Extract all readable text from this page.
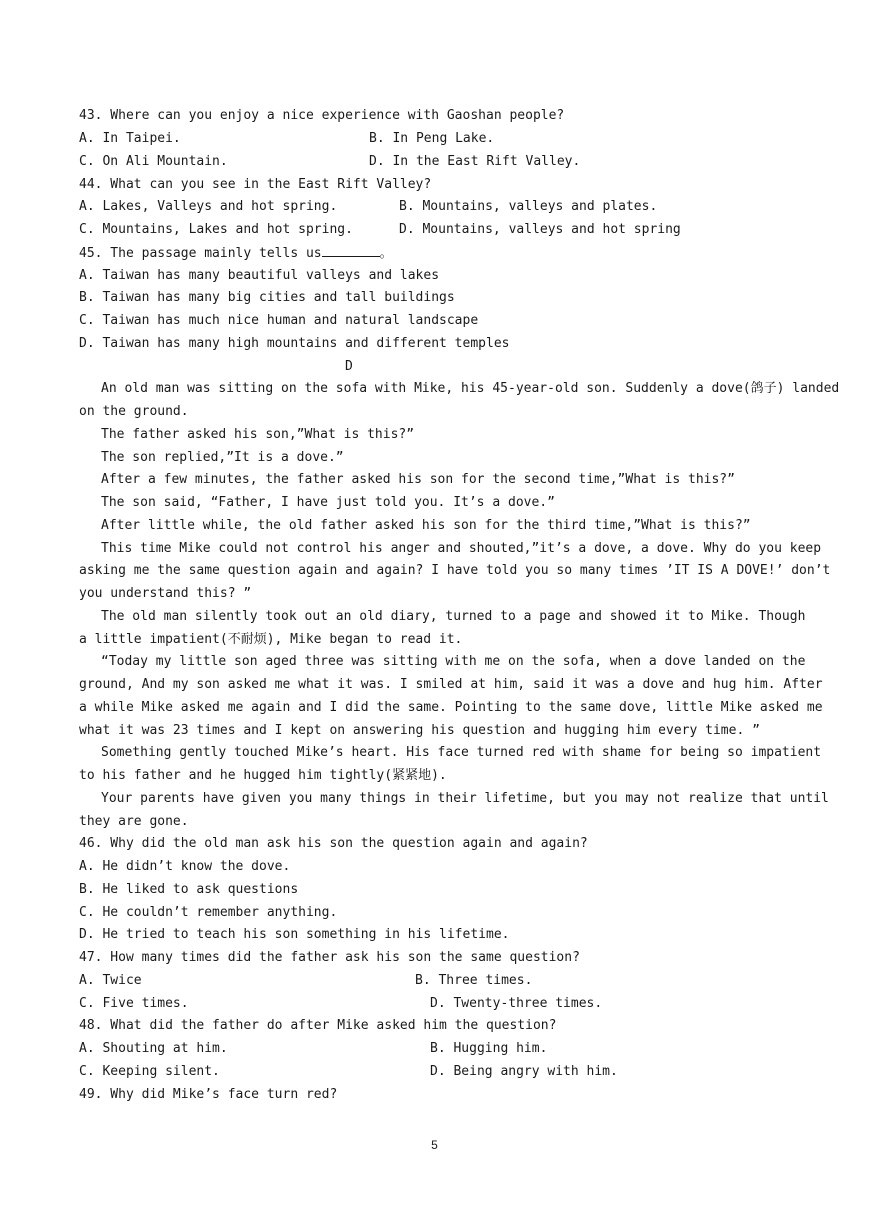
43. Where can you enjoy a nice experience with Gaoshan people?
A. In Taipei.	B. In Peng Lake.
C. On Ali Mountain.	D. In the East Rift Valley.
44. What can you see in the East Rift Valley?
A. Lakes, Valleys and hot spring.	B. Mountains, valleys and plates.
C. Mountains, Lakes and hot spring.	D. Mountains, valleys and hot spring
45. The passage mainly tells us	。
A. Taiwan has many beautiful valleys and lakes
B. Taiwan has many big cities and tall buildings
C. Taiwan has much nice human and natural landscape
D. Taiwan has many high mountains and different temples
D
An old man was sitting on the sofa with Mike, his 45-year-old son. Suddenly a dove(鸽子) landed
on the ground.
The father asked his son,”What is this?”
The son replied,”It is a dove.”
After a few minutes, the father asked his son for the second time,”What is this?”
The son said, “Father, I have just told you. It’s a dove.”
After little while, the old father asked his son for the third time,”What is this?”
This time Mike could not control his anger and shouted,”it’s a dove, a dove. Why do you keep
asking me the same question again and again? I have told you so many times ’IT IS A DOVE!’ don’t
you understand this? ”
The old man silently took out an old diary, turned to a page and showed it to Mike. Though
a little impatient(不耐烦), Mike began to read it.
“Today my little son aged three was sitting with me on the sofa, when a dove landed on the
ground, And my son asked me what it was. I smiled at him, said it was a dove and hug him. After
a while Mike asked me again and I did the same. Pointing to the same dove, little Mike asked me
what it was 23 times and I kept on answering his question and hugging him every time. ”
Something gently touched Mike’s heart. His face turned red with shame for being so impatient
to his father and he hugged him tightly(紧紧地).
Your parents have given you many things in their lifetime, but you may not realize that until
they are gone.
46. Why did the old man ask his son the question again and again?
A. He didn’t know the dove.
B. He liked to ask questions
C. He couldn’t remember anything.
D. He tried to teach his son something in his lifetime.
47. How many times did the father ask his son the same question?
A. Twice	B. Three times.
C. Five times.	D. Twenty-three times.
48. What did the father do after Mike asked him the question?
A. Shouting at him.	B. Hugging him.
C. Keeping silent.	D. Being angry with him.
49. Why did Mike’s face turn red?
5
